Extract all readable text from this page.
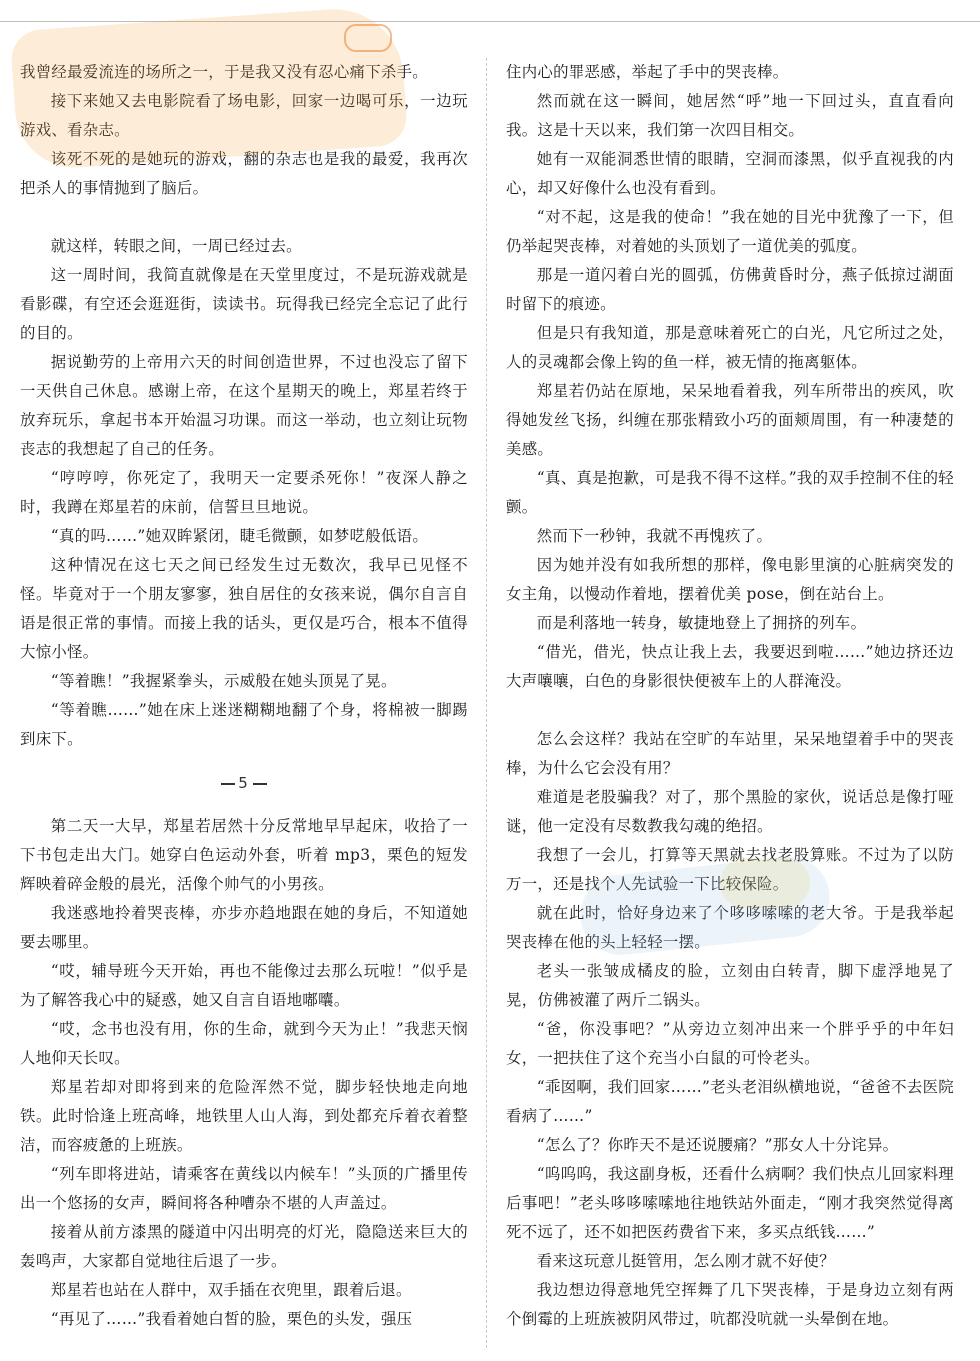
我曾经最爱流连的场所之一，于是我又没有忍心痛下杀手。

接下来她又去电影院看了场电影，回家一边喝可乐，一边玩游戏、看杂志。

该死不死的是她玩的游戏，翻的杂志也是我的最爱，我再次把杀人的事情抛到了脑后。

就这样，转眼之间，一周已经过去。

这一周时间，我简直就像是在天堂里度过，不是玩游戏就是看影碟，有空还会逛逛街，读读书。玩得我已经完全忘记了此行的目的。

据说勤劳的上帝用六天的时间创造世界，不过也没忘了留下一天供自己休息。感谢上帝，在这个星期天的晚上，郑星若终于放弃玩乐，拿起书本开始温习功课。而这一举动，也立刻让玩物丧志的我想起了自己的任务。

“哼哼哼，你死定了，我明天一定要杀死你！”夜深人静之时，我蹲在郑星若的床前，信誓旦旦地说。

“真的吗……”她双眸紧闭，睫毛微颤，如梦呓般低语。

这种情况在这七天之间已经发生过无数次，我早已见怪不怪。毕竟对于一个朋友寥寥，独自居住的女孩来说，偶尔自言自语是很正常的事情。而接上我的话头，更仅是巧合，根本不值得大惊小怪。

“等着瞧！”我握紧拳头，示威般在她头顶晃了晃。

“等着瞧……”她在床上迷迷糊糊地翻了个身，将棉被一脚踢到床下。

5

第二天一大早，郑星若居然十分反常地早早起床，收拾了一下书包走出大门。她穿白色运动外套，听着 mp3，栗色的短发辉映着碎金般的晨光，活像个帅气的小男孩。

我迷惑地拎着哭丧棒，亦步亦趋地跟在她的身后，不知道她要去哪里。

“哎，辅导班今天开始，再也不能像过去那么玩啦！”似乎是为了解答我心中的疑惑，她又自言自语地嘟囔。

“哎，念书也没有用，你的生命，就到今天为止！”我悲天悯人地仰天长叹。

郑星若却对即将到来的危险浑然不觉，脚步轻快地走向地铁。此时恰逢上班高峰，地铁里人山人海，到处都充斥着衣着整洁，而容疲惫的上班族。

“列车即将进站，请乘客在黄线以内候车！”头顶的广播里传出一个悠扬的女声，瞬间将各种嘈杂不堪的人声盖过。

接着从前方漆黑的隧道中闪出明亮的灯光，隐隐送来巨大的轰鸣声，大家都自觉地往后退了一步。

郑星若也站在人群中，双手插在衣兜里，跟着后退。

“再见了……”我看着她白皙的脸，栗色的头发，强压

住内心的罪恶感，举起了手中的哭丧棒。

然而就在这一瞬间，她居然“呼”地一下回过头，直直看向我。这是十天以来，我们第一次四目相交。

她有一双能洞悉世情的眼睛，空洞而漆黑，似乎直视我的内心，却又好像什么也没有看到。

“对不起，这是我的使命！”我在她的目光中犹豫了一下，但仍举起哭丧棒，对着她的头顶划了一道优美的弧度。

那是一道闪着白光的圆弧，仿佛黄昏时分，燕子低掠过湖面时留下的痕迹。

但是只有我知道，那是意味着死亡的白光，凡它所过之处，人的灵魂都会像上钩的鱼一样，被无情的拖离躯体。

郑星若仍站在原地，呆呆地看着我，列车所带出的疾风，吹得她发丝飞扬，纠缠在那张精致小巧的面颊周围，有一种凄楚的美感。

“真、真是抱歉，可是我不得不这样。”我的双手控制不住的轻颤。

然而下一秒钟，我就不再愧疚了。

因为她并没有如我所想的那样，像电影里演的心脏病突发的女主角，以慢动作着地，摆着优美 pose，倒在站台上。

而是利落地一转身，敏捷地登上了拥挤的列车。

“借光，借光，快点让我上去，我要迟到啦……”她边挤还边大声嚷嚷，白色的身影很快便被车上的人群淹没。

怎么会这样？我站在空旷的车站里，呆呆地望着手中的哭丧棒，为什么它会没有用？

难道是老股骗我？对了，那个黑脸的家伙，说话总是像打哑谜，他一定没有尽数教我勾魂的绝招。

我想了一会儿，打算等天黑就去找老股算账。不过为了以防万一，还是找个人先试验一下比较保险。

就在此时，恰好身边来了个哆哆嗦嗦的老大爷。于是我举起哭丧棒在他的头上轻轻一摆。

老头一张皱成橘皮的脸，立刻由白转青，脚下虚浮地晃了晃，仿佛被灌了两斤二锅头。

“爸，你没事吧？”从旁边立刻冲出来一个胖乎乎的中年妇女，一把扶住了这个充当小白鼠的可怜老头。

“乖囡啊，我们回家……”老头老泪纵横地说，“爸爸不去医院看病了……”

“怎么了？你昨天不是还说腰痛？”那女人十分诧异。

“呜呜呜，我这副身板，还看什么病啊？我们快点儿回家料理后事吧！”老头哆哆嗦嗦地往地铁站外面走，“刚才我突然觉得离死不远了，还不如把医药费省下来，多买点纸钱……”

看来这玩意儿挺管用，怎么刚才就不好使？

我边想边得意地凭空挥舞了几下哭丧棒，于是身边立刻有两个倒霉的上班族被阴风带过，吭都没吭就一头晕倒在地。
